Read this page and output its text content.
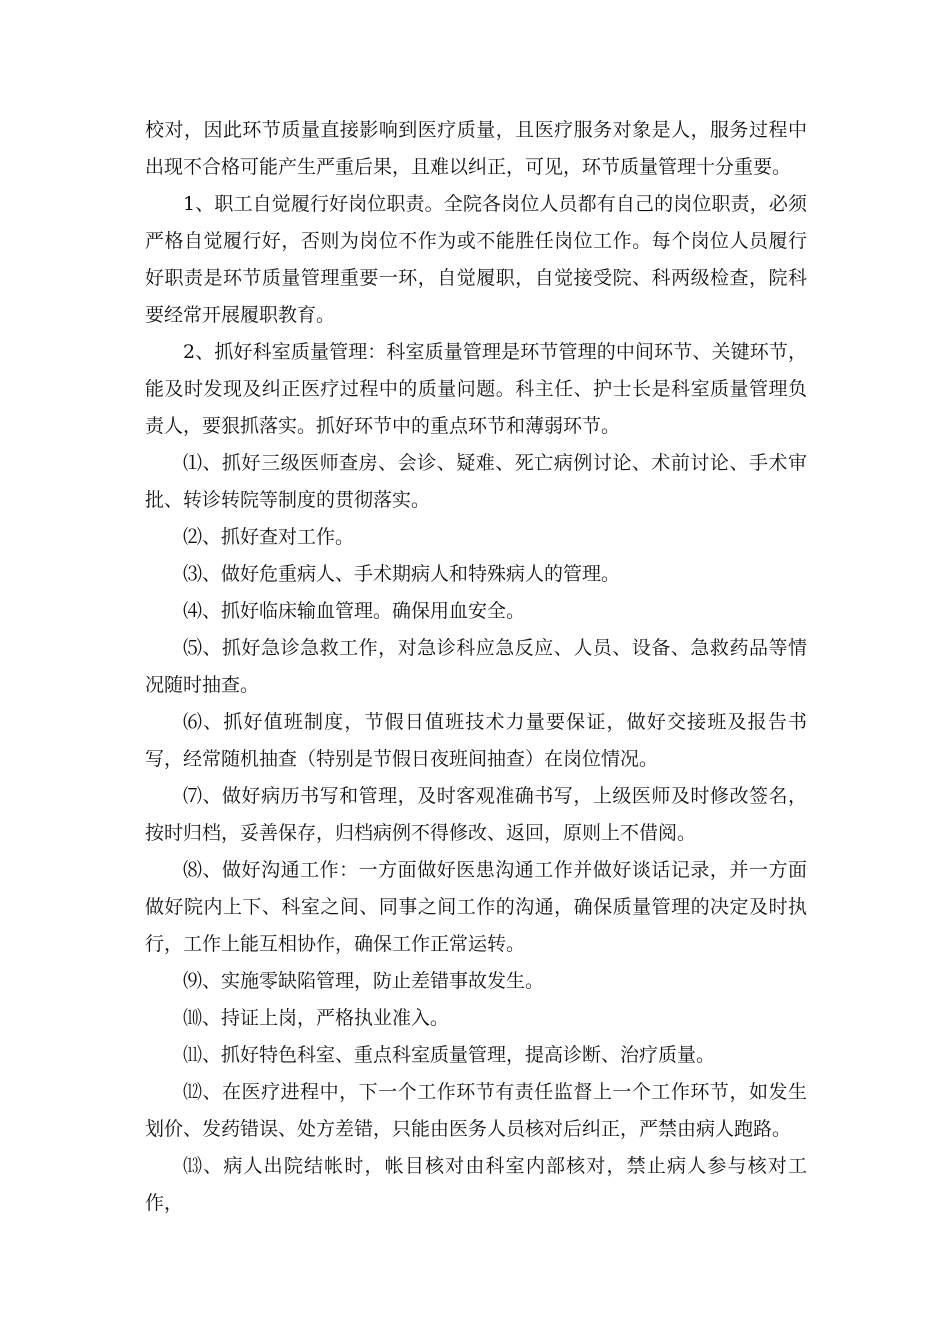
校对，因此环节质量直接影响到医疗质量，且医疗服务对象是人，服务过程中出现不合格可能产生严重后果，且难以纠正，可见，环节质量管理十分重要。

1、职工自觉履行好岗位职责。全院各岗位人员都有自己的岗位职责，必须严格自觉履行好，否则为岗位不作为或不能胜任岗位工作。每个岗位人员履行好职责是环节质量管理重要一环，自觉履职，自觉接受院、科两级检查，院科要经常开展履职教育。

2、抓好科室质量管理：科室质量管理是环节管理的中间环节、关键环节，能及时发现及纠正医疗过程中的质量问题。科主任、护士长是科室质量管理负责人，要狠抓落实。抓好环节中的重点环节和薄弱环节。

⑴、抓好三级医师查房、会诊、疑难、死亡病例讨论、术前讨论、手术审批、转诊转院等制度的贯彻落实。

⑵、抓好查对工作。

⑶、做好危重病人、手术期病人和特殊病人的管理。

⑷、抓好临床输血管理。确保用血安全。

⑸、抓好急诊急救工作，对急诊科应急反应、人员、设备、急救药品等情况随时抽查。

⑹、抓好值班制度，节假日值班技术力量要保证，做好交接班及报告书写，经常随机抽查（特别是节假日夜班间抽查）在岗位情况。

⑺、做好病历书写和管理，及时客观准确书写，上级医师及时修改签名，按时归档，妥善保存，归档病例不得修改、返回，原则上不借阅。

⑻、做好沟通工作：一方面做好医患沟通工作并做好谈话记录，并一方面做好院内上下、科室之间、同事之间工作的沟通，确保质量管理的决定及时执行，工作上能互相协作，确保工作正常运转。

⑼、实施零缺陷管理，防止差错事故发生。

⑽、持证上岗，严格执业准入。

⑾、抓好特色科室、重点科室质量管理，提高诊断、治疗质量。

⑿、在医疗进程中，下一个工作环节有责任监督上一个工作环节，如发生划价、发药错误、处方差错，只能由医务人员核对后纠正，严禁由病人跑路。

⒀、病人出院结帐时，帐目核对由科室内部核对，禁止病人参与核对工作，
